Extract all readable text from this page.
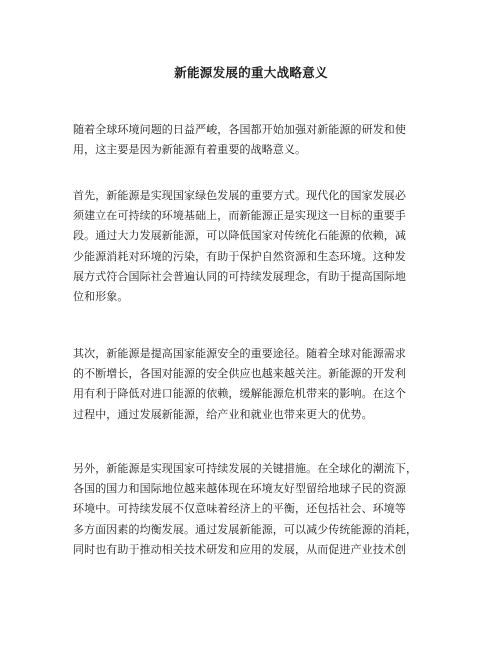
新能源发展的重大战略意义
随着全球环境问题的日益严峻，各国都开始加强对新能源的研发和使
用，这主要是因为新能源有着重要的战略意义。
首先，新能源是实现国家绿色发展的重要方式。现代化的国家发展必
须建立在可持续的环境基础上，而新能源正是实现这一目标的重要手
段。通过大力发展新能源，可以降低国家对传统化石能源的依赖，减
少能源消耗对环境的污染，有助于保护自然资源和生态环境。这种发
展方式符合国际社会普遍认同的可持续发展理念，有助于提高国际地
位和形象。
其次，新能源是提高国家能源安全的重要途径。随着全球对能源需求
的不断增长，各国对能源的安全供应也越来越关注。新能源的开发利
用有利于降低对进口能源的依赖，缓解能源危机带来的影响。在这个
过程中，通过发展新能源，给产业和就业也带来更大的优势。
另外，新能源是实现国家可持续发展的关键措施。在全球化的潮流下，
各国的国力和国际地位越来越体现在环境友好型留给地球子民的资源
环境中。可持续发展不仅意味着经济上的平衡，还包括社会、环境等
多方面因素的均衡发展。通过发展新能源，可以减少传统能源的消耗，
同时也有助于推动相关技术研发和应用的发展，从而促进产业技术创
